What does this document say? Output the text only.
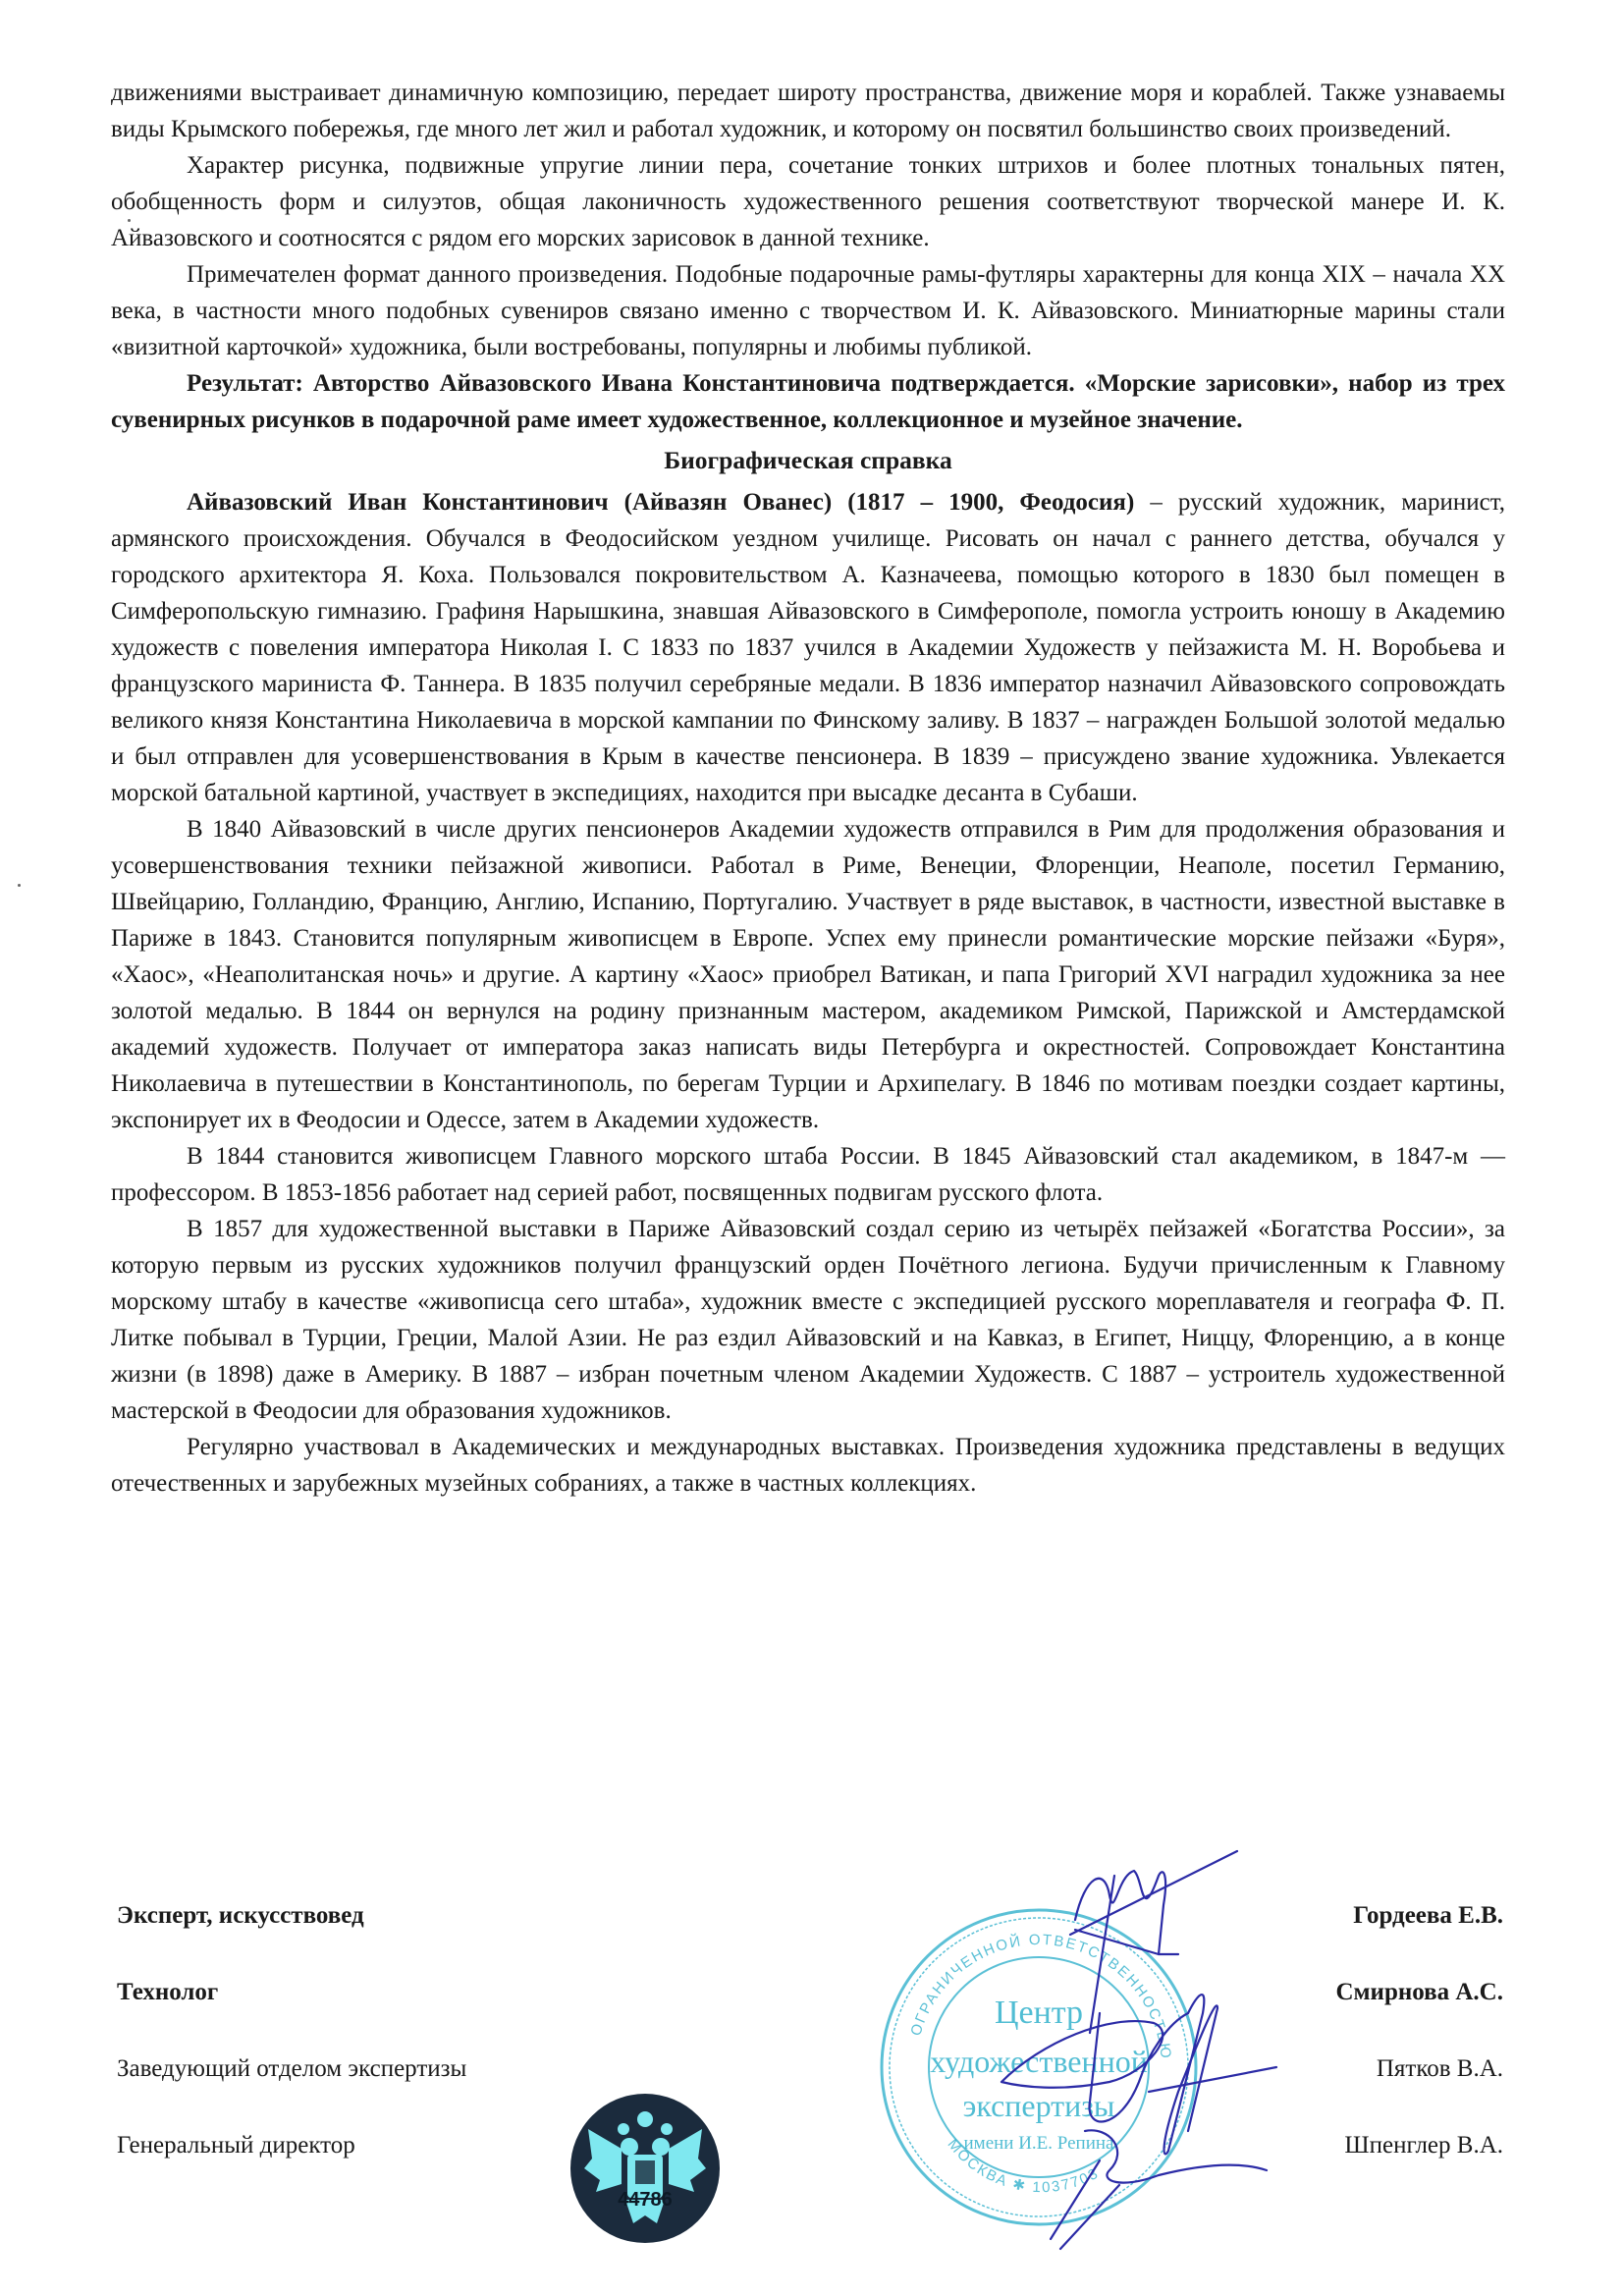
движениями выстраивает динамичную композицию, передает широту пространства, движение моря и кораблей. Также узнаваемы виды Крымского побережья, где много лет жил и работал художник, и которому он посвятил большинство своих произведений.

Характер рисунка, подвижные упругие линии пера, сочетание тонких штрихов и более плотных тональных пятен, обобщенность форм и силуэтов, общая лаконичность художественного решения соответствуют творческой манере И. К. Айвазовского и соотносятся с рядом его морских зарисовок в данной технике.

Примечателен формат данного произведения. Подобные подарочные рамы-футляры характерны для конца XIX – начала XX века, в частности много подобных сувениров связано именно с творчеством И. К. Айвазовского. Миниатюрные марины стали «визитной карточкой» художника, были востребованы, популярны и любимы публикой.

Результат: Авторство Айвазовского Ивана Константиновича подтверждается. «Морские зарисовки», набор из трех сувенирных рисунков в подарочной раме имеет художественное, коллекционное и музейное значение.

Биографическая справка

Айвазовский Иван Константинович (Айвазян Ованес) (1817 – 1900, Феодосия) – русский художник, маринист, армянского происхождения. Обучался в Феодосийском уездном училище. Рисовать он начал с раннего детства, обучался у городского архитектора Я. Коха. Пользовался покровительством А. Казначеева, помощью которого в 1830 был помещен в Симферопольскую гимназию. Графиня Нарышкина, знавшая Айвазовского в Симферополе, помогла устроить юношу в Академию художеств с повеления императора Николая I. С 1833 по 1837 учился в Академии Художеств у пейзажиста М. Н. Воробьева и французского мариниста Ф. Таннера. В 1835 получил серебряные медали. В 1836 император назначил Айвазовского сопровождать великого князя Константина Николаевича в морской кампании по Финскому заливу. В 1837 – награжден Большой золотой медалью и был отправлен для усовершенствования в Крым в качестве пенсионера. В 1839 – присуждено звание художника. Увлекается морской батальной картиной, участвует в экспедициях, находится при высадке десанта в Субаши.

В 1840 Айвазовский в числе других пенсионеров Академии художеств отправился в Рим для продолжения образования и усовершенствования техники пейзажной живописи. Работал в Риме, Венеции, Флоренции, Неаполе, посетил Германию, Швейцарию, Голландию, Францию, Англию, Испанию, Португалию. Участвует в ряде выставок, в частности, известной выставке в Париже в 1843. Становится популярным живописцем в Европе. Успех ему принесли романтические морские пейзажи «Буря», «Хаос», «Неаполитанская ночь» и другие. А картину «Хаос» приобрел Ватикан, и папа Григорий XVI наградил художника за нее золотой медалью. В 1844 он вернулся на родину признанным мастером, академиком Римской, Парижской и Амстердамской академий художеств. Получает от императора заказ написать виды Петербурга и окрестностей. Сопровождает Константина Николаевича в путешествии в Константинополь, по берегам Турции и Архипелагу. В 1846 по мотивам поездки создает картины, экспонирует их в Феодосии и Одессе, затем в Академии художеств.

В 1844 становится живописцем Главного морского штаба России. В 1845 Айвазовский стал академиком, в 1847-м — профессором. В 1853-1856 работает над серией работ, посвященных подвигам русского флота.

В 1857 для художественной выставки в Париже Айвазовский создал серию из четырёх пейзажей «Богатства России», за которую первым из русских художников получил французский орден Почётного легиона. Будучи причисленным к Главному морскому штабу в качестве «живописца сего штаба», художник вместе с экспедицией русского мореплавателя и географа Ф. П. Литке побывал в Турции, Греции, Малой Азии. Не раз ездил Айвазовский и на Кавказ, в Египет, Ниццу, Флоренцию, а в конце жизни (в 1898) даже в Америку. В 1887 – избран почетным членом Академии Художеств. С 1887 – устроитель художественной мастерской в Феодосии для образования художников.

Регулярно участвовал в Академических и международных выставках. Произведения художника представлены в ведущих отечественных и зарубежных музейных собраниях, а также в частных коллекциях.

Эксперт, искусствовед
Технолог
Заведующий отделом экспертизы
Генеральный директор
ОГРАНИЧЕННОЙ ОТВЕТСТВЕННОСТЬЮ
МОСКВА ✱ 1037703
Центр
художественной
экспертизы
имени И.Е. Репина
44786
Гордеева Е.В.
Смирнова А.С.
Пятков В.А.
Шпенглер В.А.
